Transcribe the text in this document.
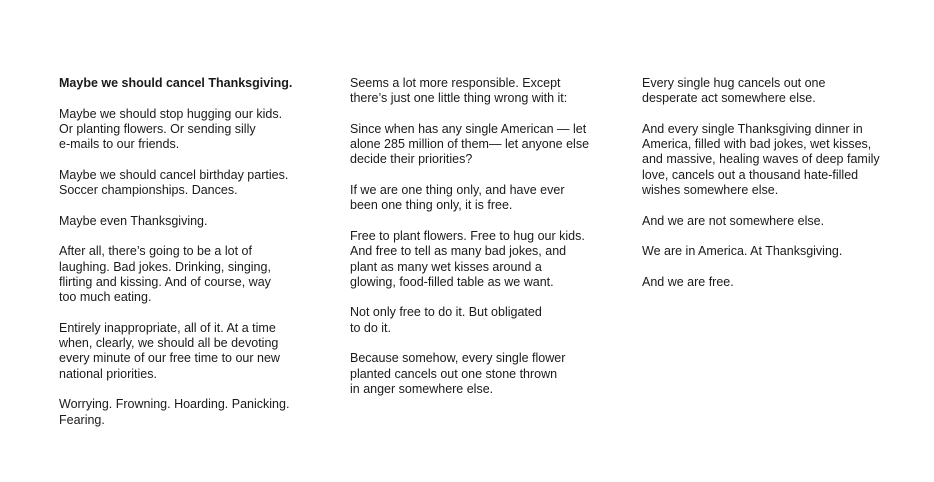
Maybe we should cancel Thanksgiving.

Maybe we should stop hugging our kids.
Or planting flowers. Or sending silly
e-mails to our friends.

Maybe we should cancel birthday parties.
Soccer championships. Dances.

Maybe even Thanksgiving.

After all, there’s going to be a lot of
laughing. Bad jokes. Drinking, singing,
flirting and kissing. And of course, way
too much eating.

Entirely inappropriate, all of it. At a time
when, clearly, we should all be devoting
every minute of our free time to our new
national priorities.

Worrying. Frowning. Hoarding. Panicking.
Fearing.

Seems a lot more responsible. Except
there’s just one little thing wrong with it:

Since when has any single American — let
alone 285 million of them— let anyone else
decide their priorities?

If we are one thing only, and have ever
been one thing only, it is free.

Free to plant flowers. Free to hug our kids.
And free to tell as many bad jokes, and
plant as many wet kisses around a
glowing, food-filled table as we want.

Not only free to do it. But obligated
to do it.

Because somehow, every single flower
planted cancels out one stone thrown
in anger somewhere else.

Every single hug cancels out one
desperate act somewhere else.

And every single Thanksgiving dinner in
America, filled with bad jokes, wet kisses,
and massive, healing waves of deep family
love, cancels out a thousand hate-filled
wishes somewhere else.

And we are not somewhere else.

We are in America. At Thanksgiving.

And we are free.
